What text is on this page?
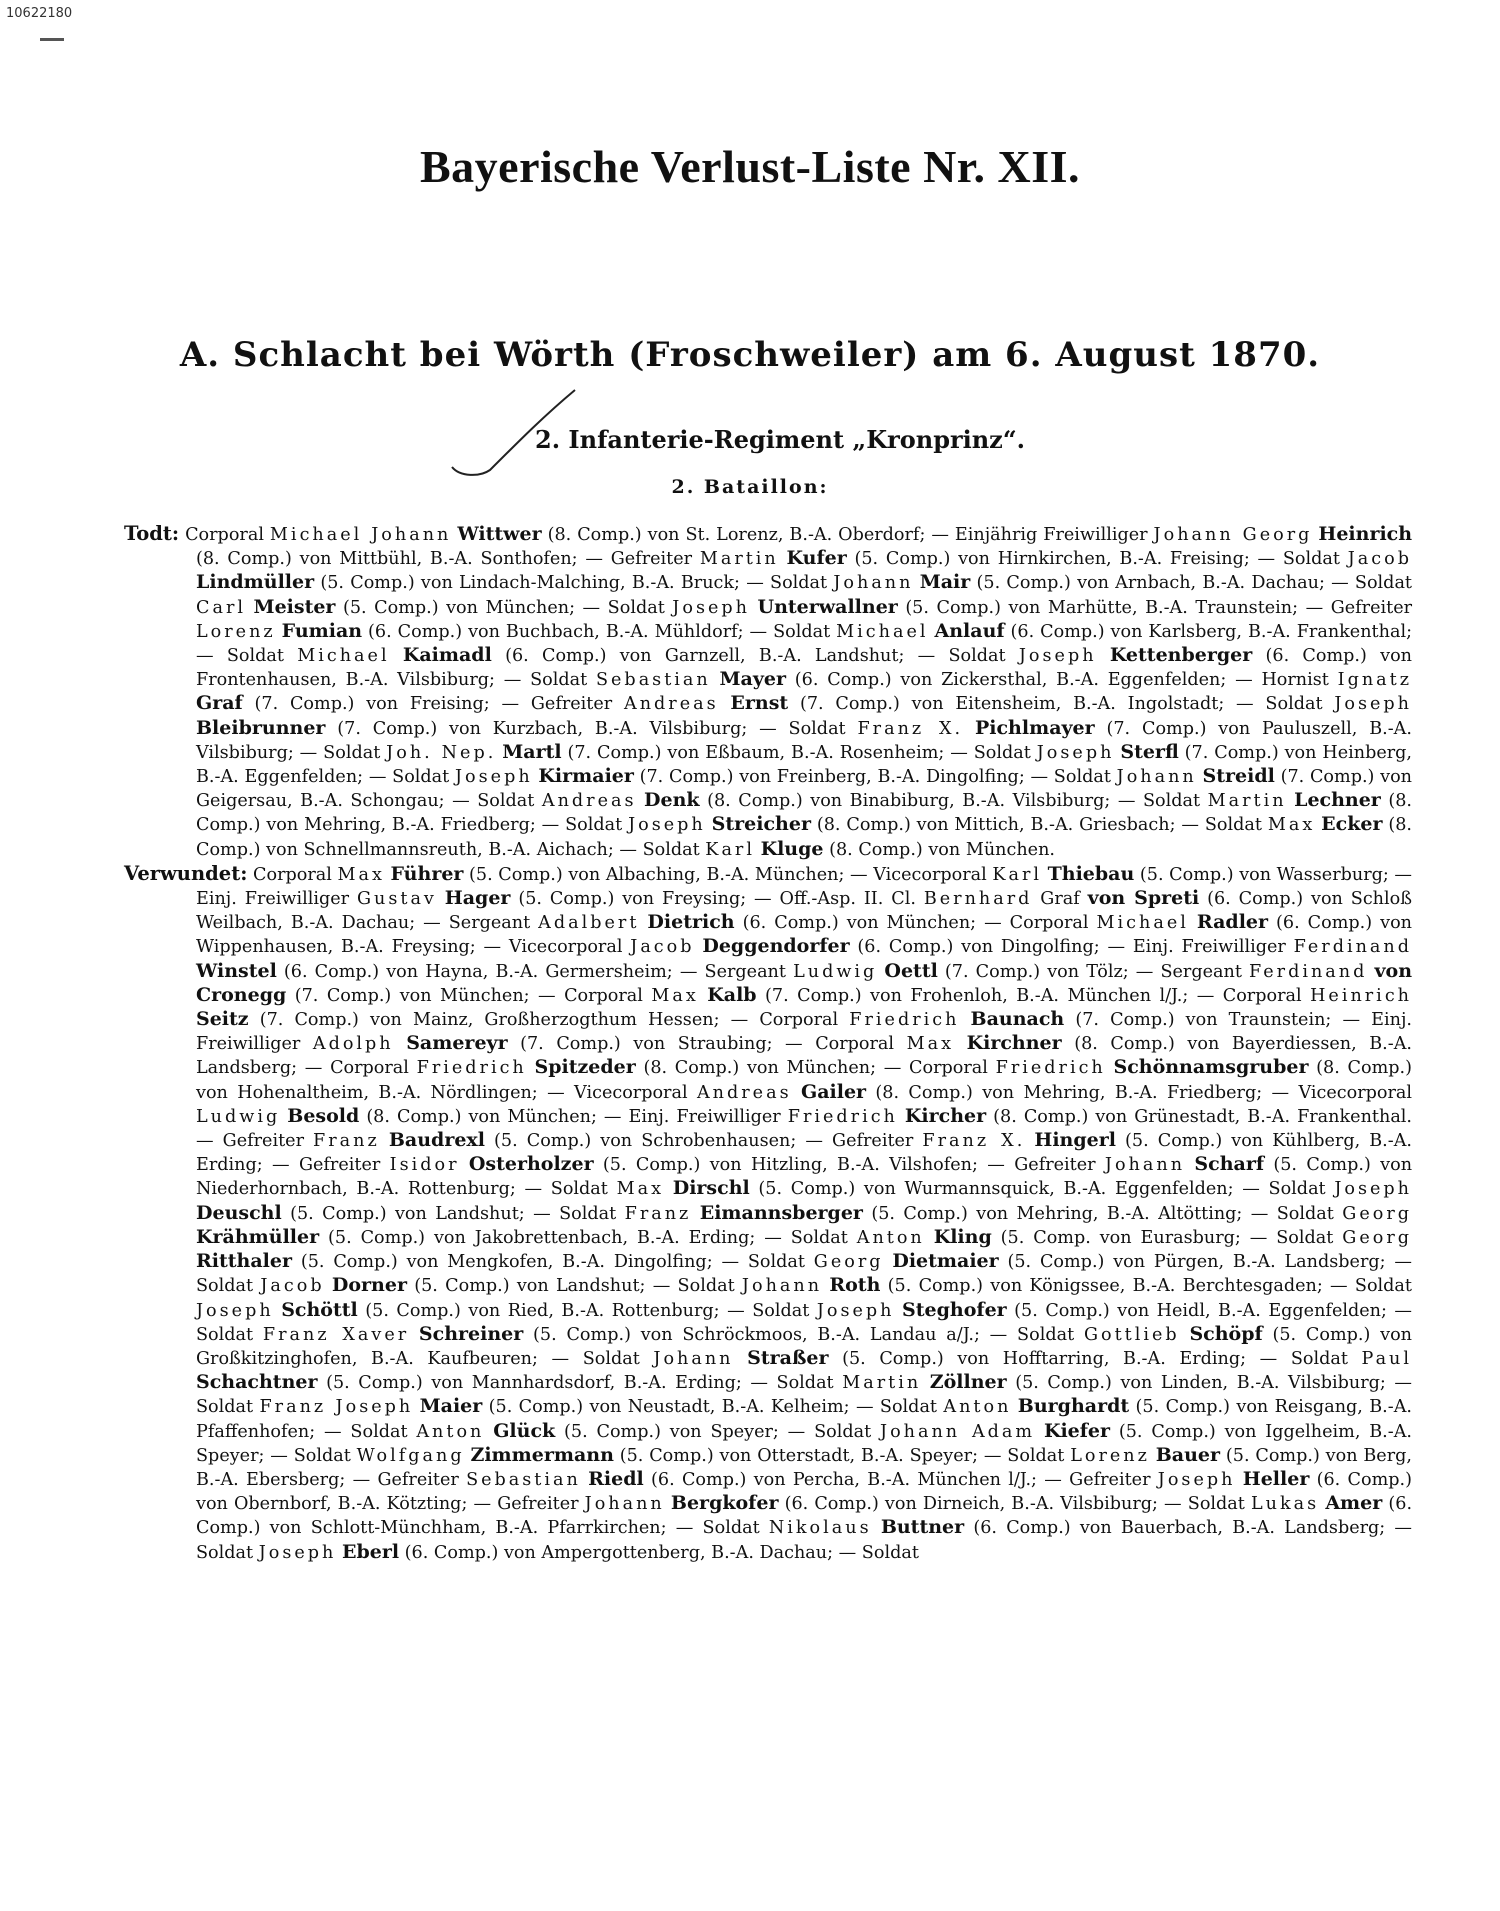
10622180
Bayerische Verlust-Liste Nr. XII.
A. Schlacht bei Wörth (Froschweiler) am 6. August 1870.
2. Infanterie-Regiment „Kronprinz“.
2. Bataillon:

Todt: Corporal Michael Johann Wittwer (8. Comp.) von St. Lorenz, B.-A. Oberdorf; — Einjährig Freiwilliger Johann Georg Heinrich (8. Comp.) von Mittbühl, B.-A. Sonthofen; — Gefreiter Martin Kufer (5. Comp.) von Hirnkirchen, B.-A. Freising; — Soldat Jacob Lindmüller (5. Comp.) von Lindach-Malching, B.-A. Bruck; — Soldat Johann Mair (5. Comp.) von Arnbach, B.-A. Dachau; — Soldat Carl Meister (5. Comp.) von München; — Soldat Joseph Unterwallner (5. Comp.) von Marhütte, B.-A. Traunstein; — Gefreiter Lorenz Fumian (6. Comp.) von Buchbach, B.-A. Mühldorf; — Soldat Michael Anlauf (6. Comp.) von Karlsberg, B.-A. Frankenthal; — Soldat Michael Kaimadl (6. Comp.) von Garnzell, B.-A. Landshut; — Soldat Joseph Kettenberger (6. Comp.) von Frontenhausen, B.-A. Vilsbiburg; — Soldat Sebastian Mayer (6. Comp.) von Zickersthal, B.-A. Eggenfelden; — Hornist Ignatz Graf (7. Comp.) von Freising; — Gefreiter Andreas Ernst (7. Comp.) von Eitensheim, B.-A. Ingolstadt; — Soldat Joseph Bleibrunner (7. Comp.) von Kurzbach, B.-A. Vilsbiburg; — Soldat Franz X. Pichlmayer (7. Comp.) von Pauluszell, B.-A. Vilsbiburg; — Soldat Joh. Nep. Martl (7. Comp.) von Eßbaum, B.-A. Rosenheim; — Soldat Joseph Sterfl (7. Comp.) von Heinberg, B.-A. Eggenfelden; — Soldat Joseph Kirmaier (7. Comp.) von Freinberg, B.-A. Dingolfing; — Soldat Johann Streidl (7. Comp.) von Geigersau, B.-A. Schongau; — Soldat Andreas Denk (8. Comp.) von Binabiburg, B.-A. Vilsbiburg; — Soldat Martin Lechner (8. Comp.) von Mehring, B.-A. Friedberg; — Soldat Joseph Streicher (8. Comp.) von Mittich, B.-A. Griesbach; — Soldat Max Ecker (8. Comp.) von Schnellmannsreuth, B.-A. Aichach; — Soldat Karl Kluge (8. Comp.) von München.

Verwundet: Corporal Max Führer (5. Comp.) von Albaching, B.-A. München; — Vicecorporal Karl Thiebau (5. Comp.) von Wasserburg; — Einj. Freiwilliger Gustav Hager (5. Comp.) von Freysing; — Off.-Asp. II. Cl. Bernhard Graf von Spreti (6. Comp.) von Schloß Weilbach, B.-A. Dachau; — Sergeant Adalbert Dietrich (6. Comp.) von München; — Corporal Michael Radler (6. Comp.) von Wippenhausen, B.-A. Freysing; — Vicecorporal Jacob Deggendorfer (6. Comp.) von Dingolfing; — Einj. Freiwilliger Ferdinand Winstel (6. Comp.) von Hayna, B.-A. Germersheim; — Sergeant Ludwig Oettl (7. Comp.) von Tölz; — Sergeant Ferdinand von Cronegg (7. Comp.) von München; — Corporal Max Kalb (7. Comp.) von Frohenloh, B.-A. München l/J.; — Corporal Heinrich Seitz (7. Comp.) von Mainz, Großherzogthum Hessen; — Corporal Friedrich Baunach (7. Comp.) von Traunstein; — Einj. Freiwilliger Adolph Samereyr (7. Comp.) von Straubing; — Corporal Max Kirchner (8. Comp.) von Bayerdiessen, B.-A. Landsberg; — Corporal Friedrich Spitzeder (8. Comp.) von München; — Corporal Friedrich Schönnamsgruber (8. Comp.) von Hohenaltheim, B.-A. Nördlingen; — Vicecorporal Andreas Gailer (8. Comp.) von Mehring, B.-A. Friedberg; — Vicecorporal Ludwig Besold (8. Comp.) von München; — Einj. Freiwilliger Friedrich Kircher (8. Comp.) von Grünestadt, B.-A. Frankenthal. — Gefreiter Franz Baudrexl (5. Comp.) von Schrobenhausen; — Gefreiter Franz X. Hingerl (5. Comp.) von Kühlberg, B.-A. Erding; — Gefreiter Isidor Osterholzer (5. Comp.) von Hitzling, B.-A. Vilshofen; — Gefreiter Johann Scharf (5. Comp.) von Niederhornbach, B.-A. Rottenburg; — Soldat Max Dirschl (5. Comp.) von Wurmannsquick, B.-A. Eggenfelden; — Soldat Joseph Deuschl (5. Comp.) von Landshut; — Soldat Franz Eimannsberger (5. Comp.) von Mehring, B.-A. Altötting; — Soldat Georg Krähmüller (5. Comp.) von Jakobrettenbach, B.-A. Erding; — Soldat Anton Kling (5. Comp. von Eurasburg; — Soldat Georg Ritthaler (5. Comp.) von Mengkofen, B.-A. Dingolfing; — Soldat Georg Dietmaier (5. Comp.) von Pürgen, B.-A. Landsberg; — Soldat Jacob Dorner (5. Comp.) von Landshut; — Soldat Johann Roth (5. Comp.) von Königssee, B.-A. Berchtesgaden; — Soldat Joseph Schöttl (5. Comp.) von Ried, B.-A. Rottenburg; — Soldat Joseph Steghofer (5. Comp.) von Heidl, B.-A. Eggenfelden; — Soldat Franz Xaver Schreiner (5. Comp.) von Schröckmoos, B.-A. Landau a/J.; — Soldat Gottlieb Schöpf (5. Comp.) von Großkitzinghofen, B.-A. Kaufbeuren; — Soldat Johann Straßer (5. Comp.) von Hofftarring, B.-A. Erding; — Soldat Paul Schachtner (5. Comp.) von Mannhardsdorf, B.-A. Erding; — Soldat Martin Zöllner (5. Comp.) von Linden, B.-A. Vilsbiburg; — Soldat Franz Joseph Maier (5. Comp.) von Neustadt, B.-A. Kelheim; — Soldat Anton Burghardt (5. Comp.) von Reisgang, B.-A. Pfaffenhofen; — Soldat Anton Glück (5. Comp.) von Speyer; — Soldat Johann Adam Kiefer (5. Comp.) von Iggelheim, B.-A. Speyer; — Soldat Wolfgang Zimmermann (5. Comp.) von Otterstadt, B.-A. Speyer; — Soldat Lorenz Bauer (5. Comp.) von Berg, B.-A. Ebersberg; — Gefreiter Sebastian Riedl (6. Comp.) von Percha, B.-A. München l/J.; — Gefreiter Joseph Heller (6. Comp.) von Obernborf, B.-A. Kötzting; — Gefreiter Johann Bergkofer (6. Comp.) von Dirneich, B.-A. Vilsbiburg; — Soldat Lukas Amer (6. Comp.) von Schlott-Münchham, B.-A. Pfarrkirchen; — Soldat Nikolaus Buttner (6. Comp.) von Bauerbach, B.-A. Landsberg; — Soldat Joseph Eberl (6. Comp.) von Ampergottenberg, B.-A. Dachau; — Soldat
